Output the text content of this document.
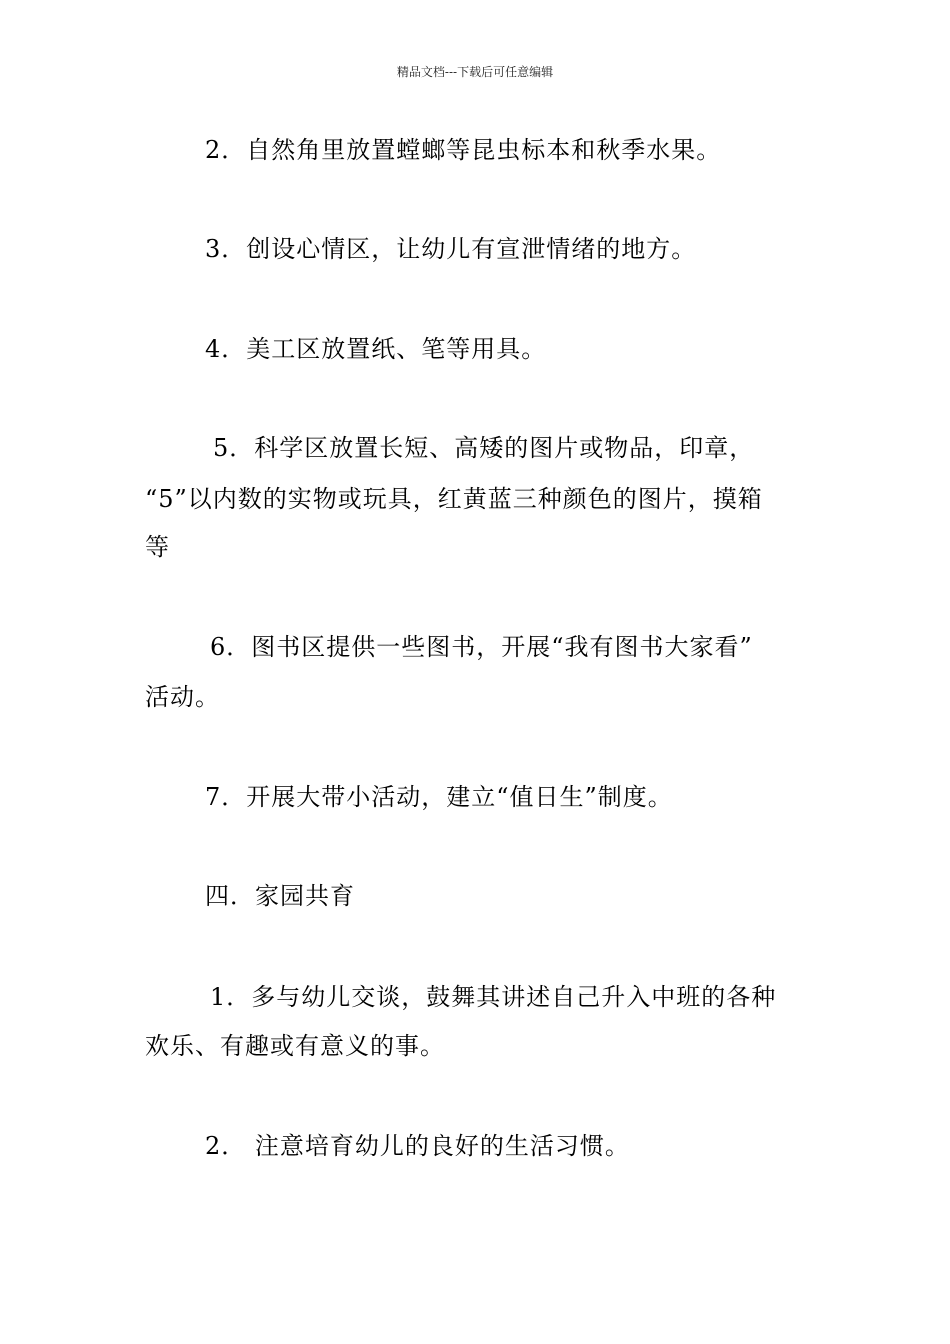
精品文档---下载后可任意编辑
2．自然角里放置螳螂等昆虫标本和秋季水果。
3．创设心情区，让幼儿有宣泄情绪的地方。
4．美工区放置纸、笔等用具。
5．科学区放置长短、高矮的图片或物品，印章，
“5”以内数的实物或玩具，红黄蓝三种颜色的图片，摸箱
等
6．图书区提供一些图书，开展“我有图书大家看”
活动。
7．开展大带小活动，建立“值日生”制度。
四．家园共育
1．多与幼儿交谈，鼓舞其讲述自己升入中班的各种
欢乐、有趣或有意义的事。
2． 注意培育幼儿的良好的生活习惯。
